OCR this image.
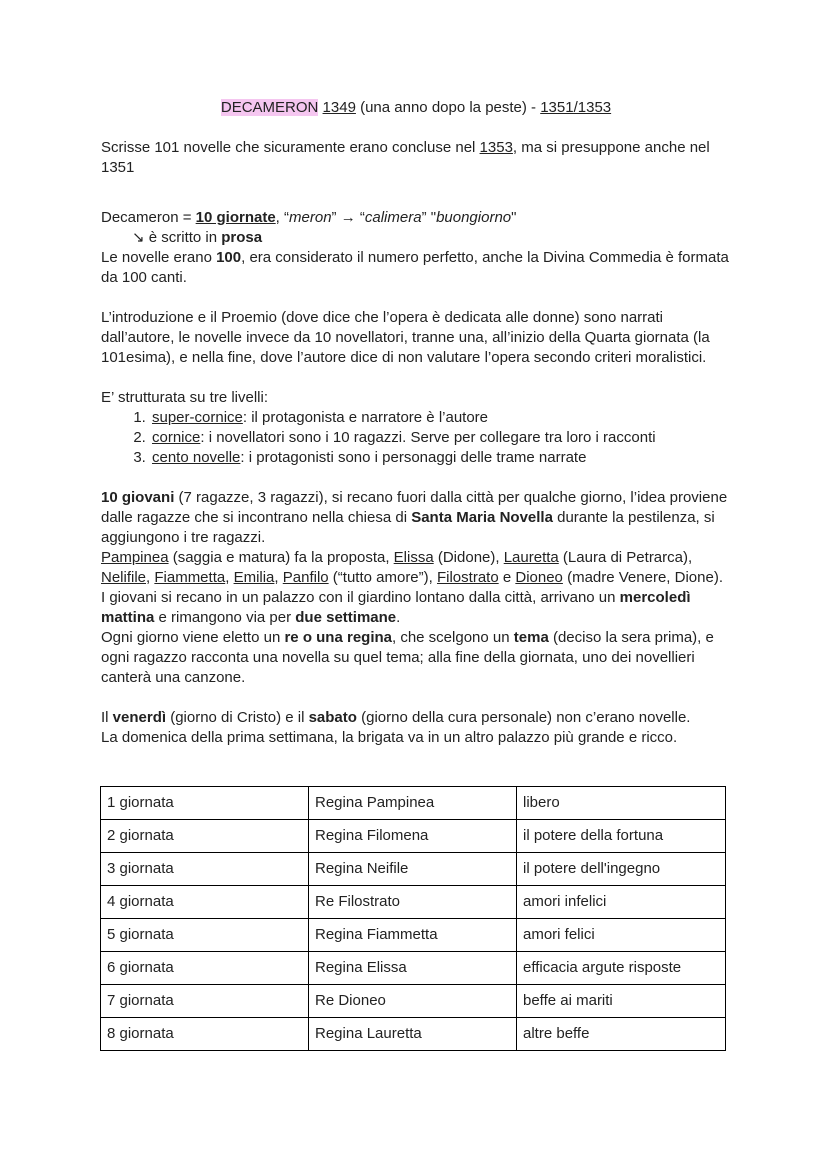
DECAMERON 1349 (una anno dopo la peste) - 1351/1353

Scrisse 101 novelle che sicuramente erano concluse nel 1353, ma si presuppone anche nel 1351

Decameron = 10 giornate, “meron” → “calimera” "buongiorno"

↘ è scritto in prosa

Le novelle erano 100, era considerato il numero perfetto, anche la Divina Commedia è formata da 100 canti.

L’introduzione e il Proemio (dove dice che l’opera è dedicata alle donne) sono narrati dall’autore, le novelle invece da 10 novellatori, tranne una, all’inizio della Quarta giornata (la 101esima), e nella fine, dove l’autore dice di non valutare l’opera secondo criteri moralistici.

E’ strutturata su tre livelli:

1. super-cornice: il protagonista e narratore è l’autore
2. cornice: i novellatori sono i 10 ragazzi. Serve per collegare tra loro i racconti
3. cento novelle: i protagonisti sono i personaggi delle trame narrate

10 giovani (7 ragazze, 3 ragazzi), si recano fuori dalla città per qualche giorno, l’idea proviene dalle ragazze che si incontrano nella chiesa di Santa Maria Novella durante la pestilenza, si aggiungono i tre ragazzi.

Pampinea (saggia e matura) fa la proposta, Elissa (Didone), Lauretta (Laura di Petrarca), Nelifile, Fiammetta, Emilia, Panfilo (“tutto amore”), Filostrato e Dioneo (madre Venere, Dione).

I giovani si recano in un palazzo con il giardino lontano dalla città, arrivano un mercoledì mattina e rimangono via per due settimane.

Ogni giorno viene eletto un re o una regina, che scelgono un tema (deciso la sera prima), e ogni ragazzo racconta una novella su quel tema; alla fine della giornata, uno dei novellieri canterà una canzone.

Il venerdì (giorno di Cristo) e il sabato (giorno della cura personale) non c’erano novelle.

La domenica della prima settimana, la brigata va in un altro palazzo più grande e ricco.

1 giornata	Regina Pampinea	libero
2 giornata	Regina Filomena	il potere della fortuna
3 giornata	Regina Neifile	il potere dell'ingegno
4 giornata	Re Filostrato	amori infelici
5 giornata	Regina Fiammetta	amori felici
6 giornata	Regina Elissa	efficacia argute risposte
7 giornata	Re Dioneo	beffe ai mariti
8 giornata	Regina Lauretta	altre beffe
